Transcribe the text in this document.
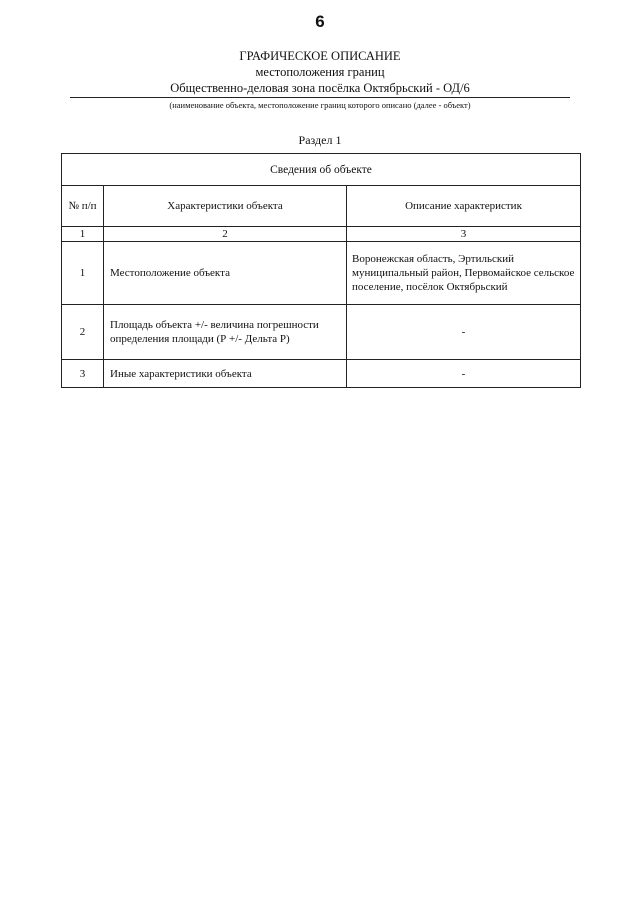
6
ГРАФИЧЕСКОЕ ОПИСАНИЕ
местоположения границ
Общественно-деловая зона посёлка Октябрьский - ОД/6
(наименование объекта, местоположение границ которого описано (далее - объект)
Раздел 1
Сведения об объекте		
№ п/п	Характеристики объекта	Описание характеристик
1	2	3
1	Местоположение объекта	Воронежская область, Эртильский муниципальный район, Первомайское сельское поселение, посёлок Октябрьский
2	Площадь объекта +/- величина погрешности определения площади (Р +/- Дельта Р)	-
3	Иные характеристики объекта	-
